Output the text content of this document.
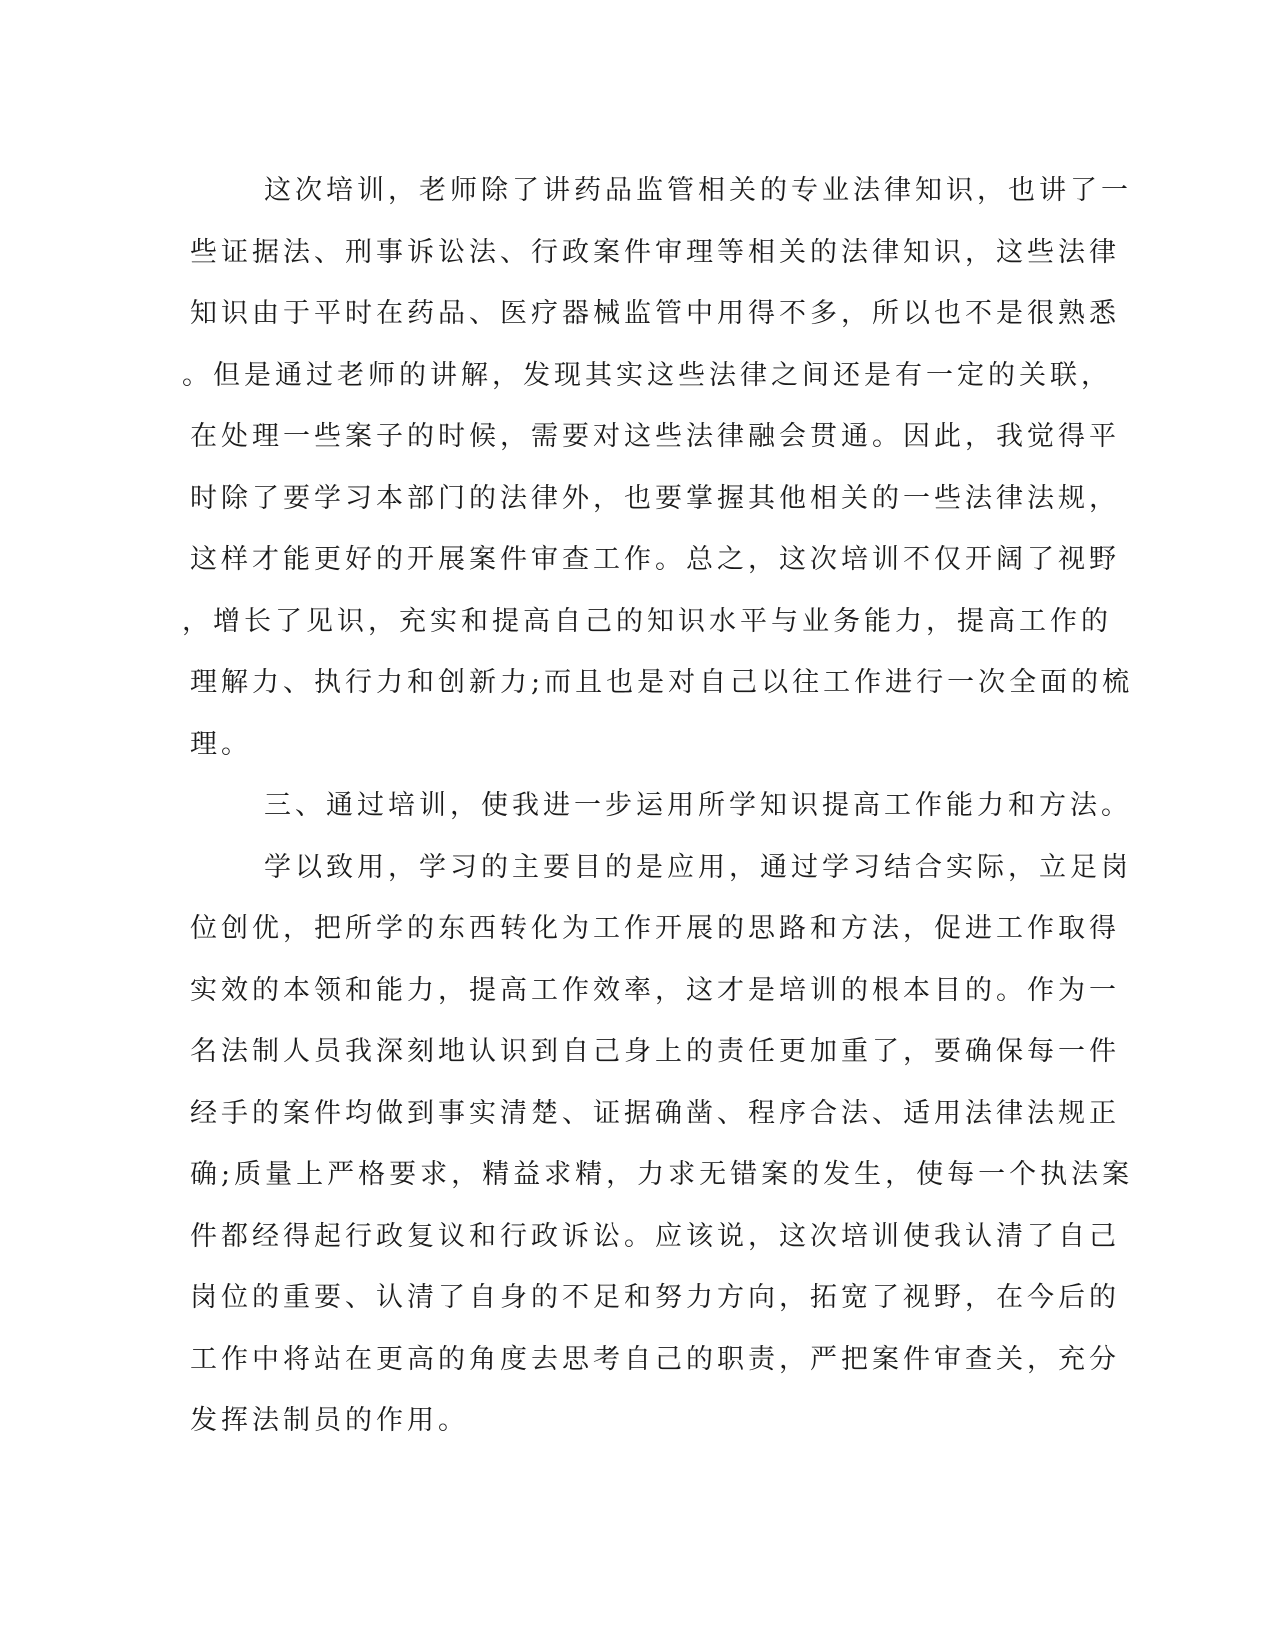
这次培训，老师除了讲药品监管相关的专业法律知识，也讲了一
些证据法、刑事诉讼法、行政案件审理等相关的法律知识，这些法律
知识由于平时在药品、医疗器械监管中用得不多，所以也不是很熟悉
。但是通过老师的讲解，发现其实这些法律之间还是有一定的关联，
在处理一些案子的时候，需要对这些法律融会贯通。因此，我觉得平
时除了要学习本部门的法律外，也要掌握其他相关的一些法律法规，
这样才能更好的开展案件审查工作。总之，这次培训不仅开阔了视野
，增长了见识，充实和提高自己的知识水平与业务能力，提高工作的
理解力、执行力和创新力;而且也是对自己以往工作进行一次全面的梳
理。
三、通过培训，使我进一步运用所学知识提高工作能力和方法。
学以致用，学习的主要目的是应用，通过学习结合实际，立足岗
位创优，把所学的东西转化为工作开展的思路和方法，促进工作取得
实效的本领和能力，提高工作效率，这才是培训的根本目的。作为一
名法制人员我深刻地认识到自己身上的责任更加重了，要确保每一件
经手的案件均做到事实清楚、证据确凿、程序合法、适用法律法规正
确;质量上严格要求，精益求精，力求无错案的发生，使每一个执法案
件都经得起行政复议和行政诉讼。应该说，这次培训使我认清了自己
岗位的重要、认清了自身的不足和努力方向，拓宽了视野，在今后的
工作中将站在更高的角度去思考自己的职责，严把案件审查关，充分
发挥法制员的作用。
